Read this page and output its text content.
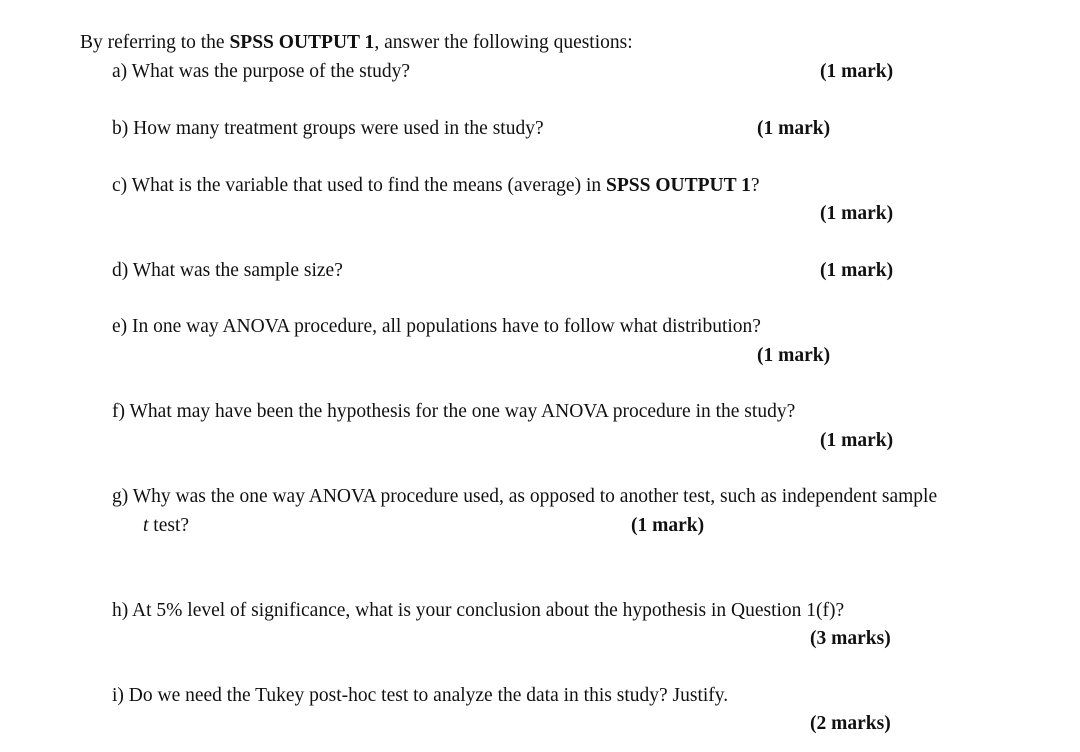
By referring to the SPSS OUTPUT 1, answer the following questions:
a) What was the purpose of the study?	(1 mark)
b) How many treatment groups were used in the study?	(1 mark)
c) What is the variable that used to find the means (average) in SPSS OUTPUT 1?
(1 mark)
d) What was the sample size?	(1 mark)
e) In one way ANOVA procedure, all populations have to follow what distribution?
(1 mark)
f) What may have been the hypothesis for the one way ANOVA procedure in the study?
(1 mark)
g) Why was the one way ANOVA procedure used, as opposed to another test, such as independent sample
t test?	(1 mark)
h) At 5% level of significance, what is your conclusion about the hypothesis in Question 1(f)?
(3 marks)
i) Do we need the Tukey post-hoc test to analyze the data in this study? Justify.
(2 marks)
